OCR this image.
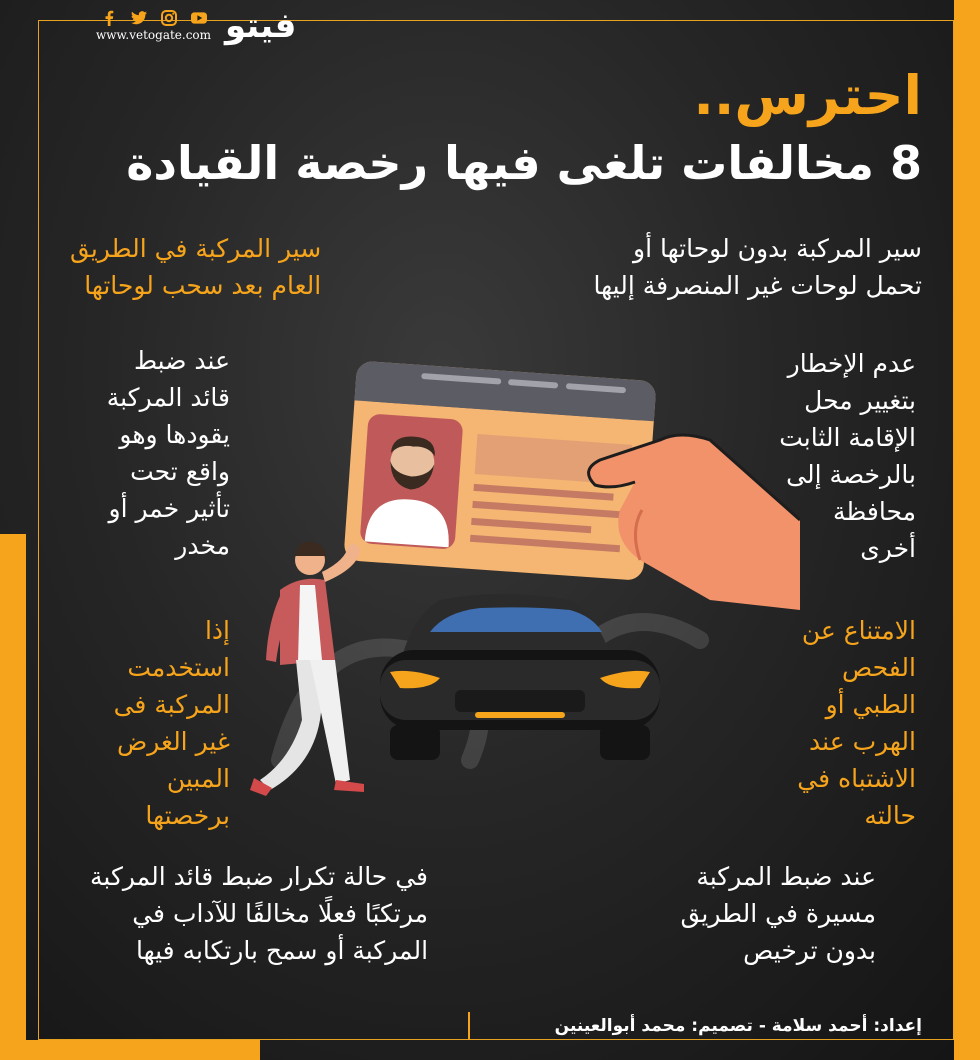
www.vetogate.com فيتو
احترس..
8 مخالفات تلغى فيها رخصة القيادة
سير المركبة بدون لوحاتها أو
تحمل لوحات غير المنصرفة إليها
سير المركبة في الطريق
العام بعد سحب لوحاتها
عدم الإخطار
بتغيير محل
الإقامة الثابت
بالرخصة إلى
محافظة
أخرى
عند ضبط
قائد المركبة
يقودها وهو
واقع تحت
تأثير خمر أو
مخدر
الامتناع عن
الفحص
الطبي أو
الهرب عند
الاشتباه في
حالته
إذا
استخدمت
المركبة فى
غير الغرض
المبين
برخصتها
عند ضبط المركبة
مسيرة في الطريق
بدون ترخيص
في حالة تكرار ضبط قائد المركبة
مرتكبًا فعلًا مخالفًا للآداب في
المركبة أو سمح بارتكابه فيها
إعداد: أحمد سلامة - تصميم: محمد أبوالعينين
